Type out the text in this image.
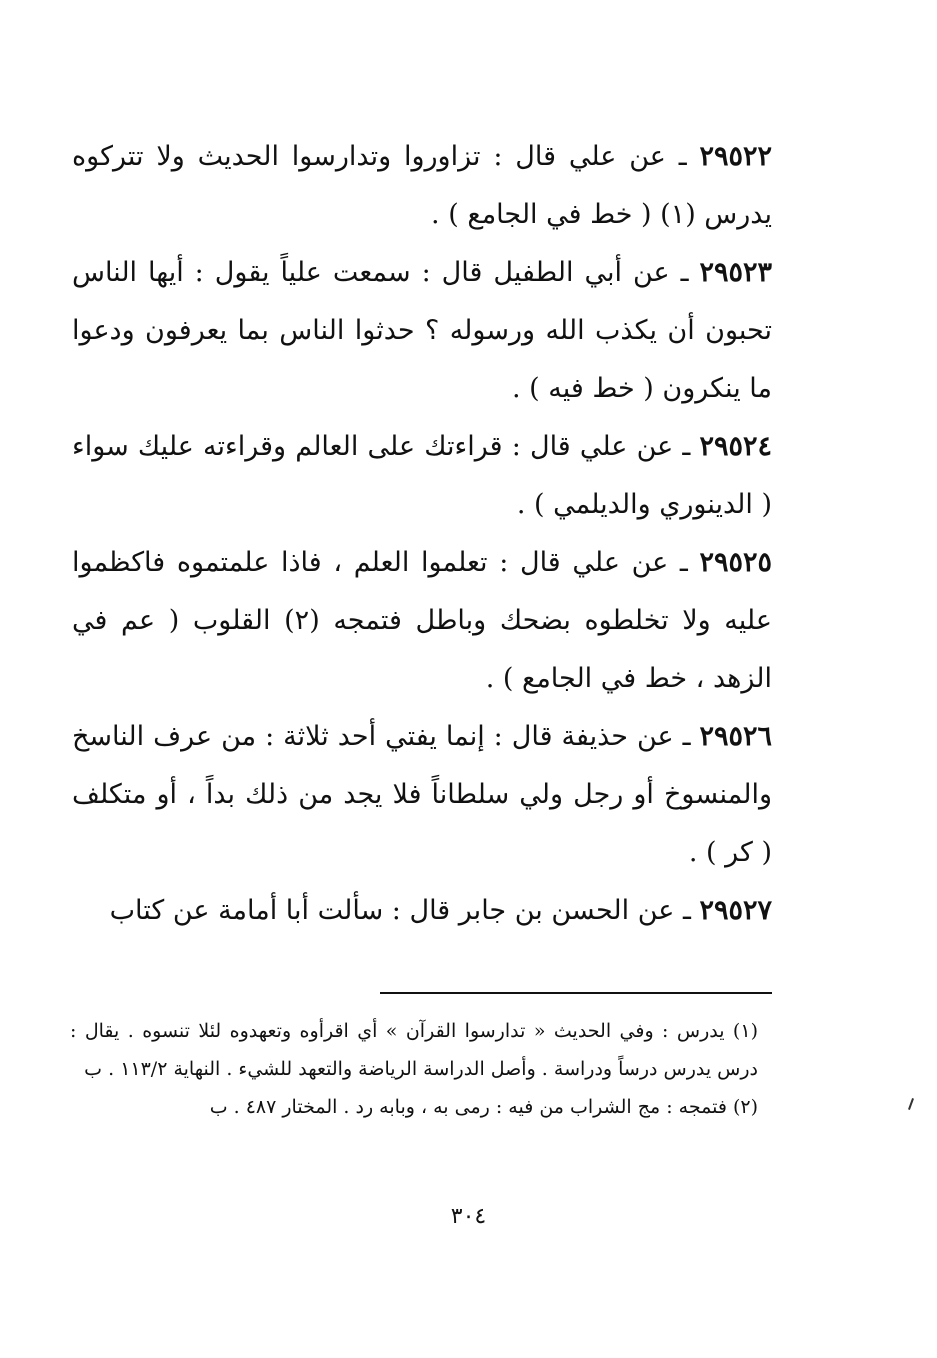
٢٩٥٢٢ ـ عن علي قال : تزاوروا وتدارسوا الحديث ولا تتركوه يدرس (١) ( خط في الجامع ) .

٢٩٥٢٣ ـ عن أبي الطفيل قال : سمعت علياً يقول : أيها الناس تحبون أن يكذب الله ورسوله ؟ حدثوا الناس بما يعرفون ودعوا ما ينكرون ( خط فيه ) .

٢٩٥٢٤ ـ عن علي قال : قراءتك على العالم وقراءته عليك سواء ( الدينوري والديلمي ) .

٢٩٥٢٥ ـ عن علي قال : تعلموا العلم ، فاذا علمتموه فاكظموا عليه ولا تخلطوه بضحك وباطل فتمجه (٢) القلوب ( عم في الزهد ، خط في الجامع ) .

٢٩٥٢٦ ـ عن حذيفة قال : إنما يفتي أحد ثلاثة : من عرف الناسخ والمنسوخ أو رجل ولي سلطاناً فلا يجد من ذلك بداً ، أو متكلف ( كر ) .

٢٩٥٢٧ ـ عن الحسن بن جابر قال : سألت أبا أمامة عن كتاب

(١) يدرس : وفي الحديث « تدارسوا القرآن » أي اقرأوه وتعهدوه لئلا تنسوه . يقال : درس يدرس درساً ودراسة . وأصل الدراسة الرياضة والتعهد للشيء . النهاية ١١٣/٢ . ب

(٢) فتمجه : مج الشراب من فيه : رمى به ، وبابه رد . المختار ٤٨٧ . ب

٣٠٤
